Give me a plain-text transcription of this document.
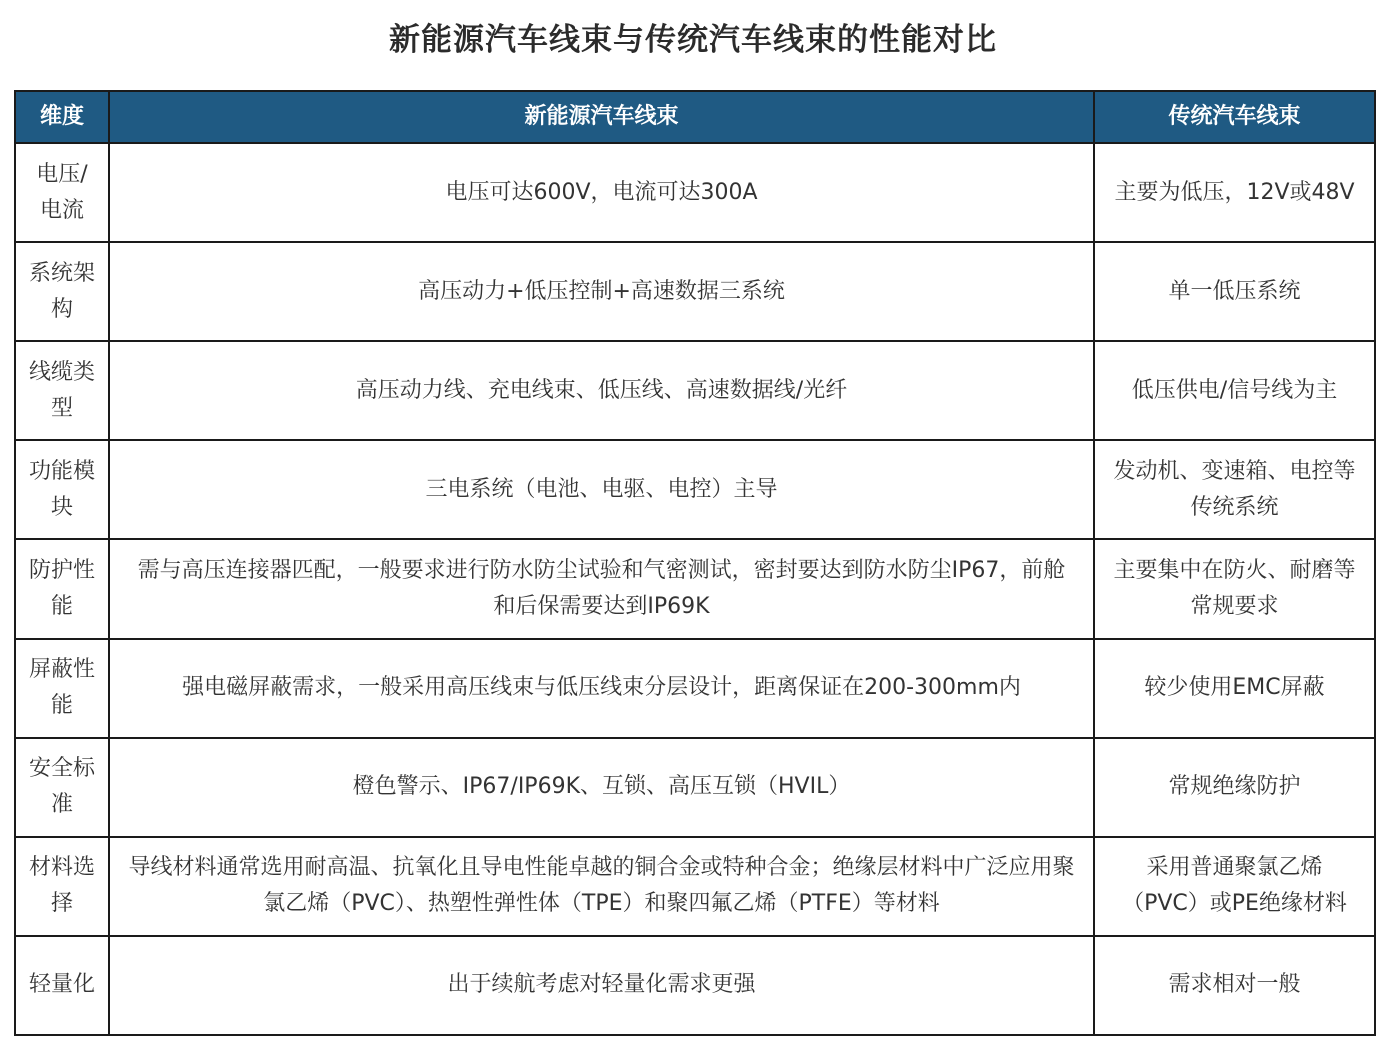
新能源汽车线束与传统汽车线束的性能对比
维度	新能源汽车线束	传统汽车线束
电压/电流	电压可达600V，电流可达300A	主要为低压，12V或48V
系统架构	高压动力+低压控制+高速数据三系统	单一低压系统
线缆类型	高压动力线、充电线束、低压线、高速数据线/光纤	低压供电/信号线为主
功能模块	三电系统（电池、电驱、电控）主导	发动机、变速箱、电控等传统系统
防护性能	需与高压连接器匹配，一般要求进行防水防尘试验和气密测试，密封要达到防水防尘IP67，前舱和后保需要达到IP69K	主要集中在防火、耐磨等常规要求
屏蔽性能	强电磁屏蔽需求，一般采用高压线束与低压线束分层设计，距离保证在200-300mm内	较少使用EMC屏蔽
安全标准	橙色警示、IP67/IP69K、互锁、高压互锁（HVIL）	常规绝缘防护
材料选择	导线材料通常选用耐高温、抗氧化且导电性能卓越的铜合金或特种合金；绝缘层材料中广泛应用聚氯乙烯（PVC）、热塑性弹性体（TPE）和聚四氟乙烯（PTFE）等材料	采用普通聚氯乙烯（PVC）或PE绝缘材料
轻量化	出于续航考虑对轻量化需求更强	需求相对一般
